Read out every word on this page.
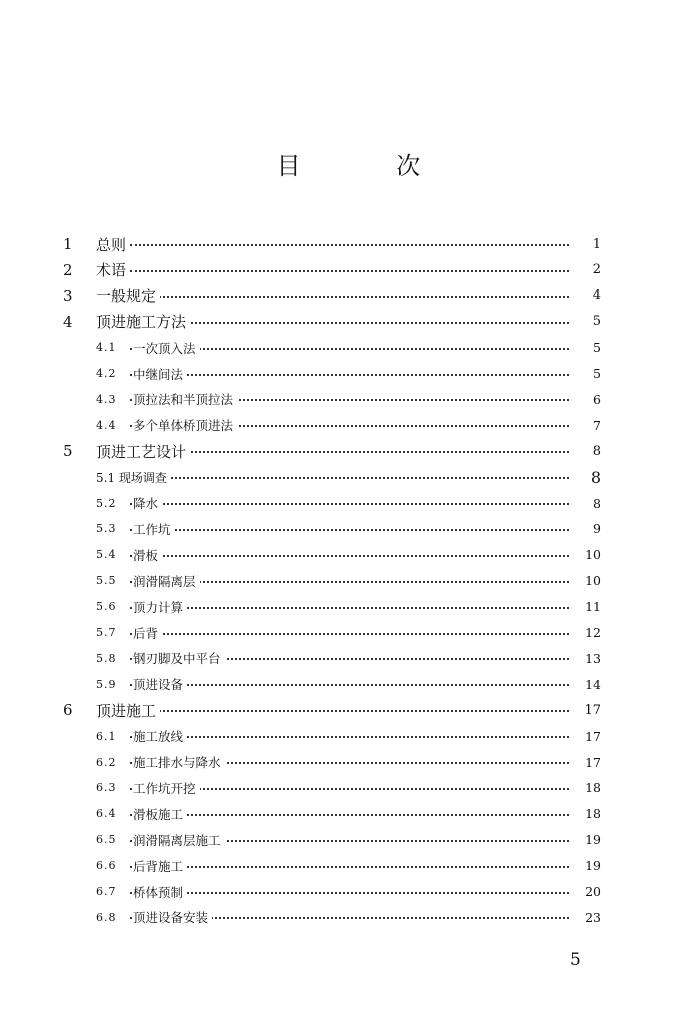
目 次
1 总则	1
2 术语	2
3 一般规定	4
4 顶进施工方法	5
4.1 一次顶入法	5
4.2 中继间法	5
4.3 顶拉法和半顶拉法	6
4.4 多个单体桥顶进法	7
5 顶进工艺设计	8
5.1 现场调查	8
5.2 降水	8
5.3 工作坑	9
5.4 滑板	10
5.5 润滑隔离层	10
5.6 顶力计算	11
5.7 后背	12
5.8 钢刃脚及中平台	13
5.9 顶进设备	14
6 顶进施工	17
6.1 施工放线	17
6.2 施工排水与降水	17
6.3 工作坑开挖	18
6.4 滑板施工	18
6.5 润滑隔离层施工	19
6.6 后背施工	19
6.7 桥体预制	20
6.8 顶进设备安装	23
5
